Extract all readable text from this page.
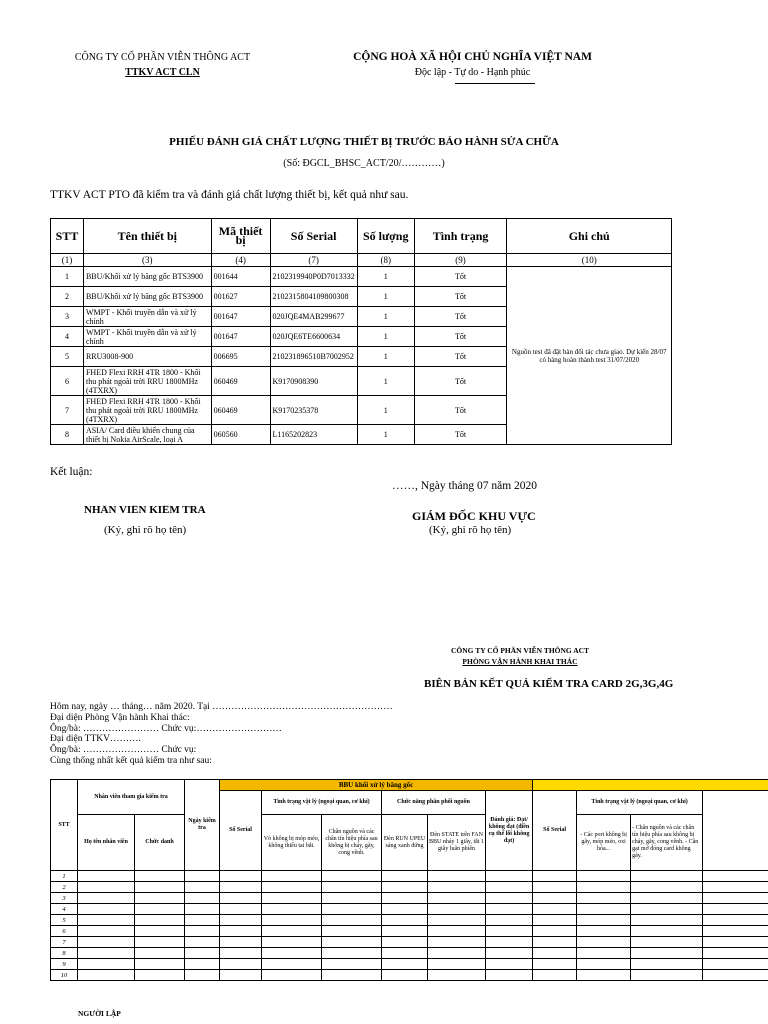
CÔNG TY CỔ PHẦN VIỄN THÔNG ACT
TTKV ACT CLN
CỘNG HOÀ XÃ HỘI CHỦ NGHĨA VIỆT NAM
Độc lập - Tự do - Hạnh phúc
PHIẾU ĐÁNH GIÁ CHẤT LƯỢNG THIẾT BỊ TRƯỚC BẢO HÀNH SỬA CHỮA
(Số: ĐGCL_BHSC_ACT/20/…………)
TTKV ACT PTO đã kiểm tra và đánh giá chất lượng thiết bị, kết quả như sau.
STT	Tên thiết bị	Mã thiết bị	Số Serial	Số lượng	Tình trạng	Ghi chú
(1)	(3)	(4)	(7)	(8)	(9)	(10)
1	BBU/Khối xử lý băng gốc BTS3900	001644	2102319940P0D7013332	1	Tốt	Nguồn test đã đặt bàn đối tác chưa giao. Dự kiến 28/07 có hàng hoàn thành test 31/07/2020
2	BBU/Khối xử lý băng gốc BTS3900	001627	2102315804109800308	1	Tốt	
3	WMPT - Khối truyền dẫn và xử lý chính	001647	020JQE4MAB299677	1	Tốt	
4	WMPT - Khối truyền dẫn và xử lý chính	001647	020JQE6TE6600634	1	Tốt	
5	RRU3008-900	006695	210231896510B7002952	1	Tốt	
6	FHED Flexi RRH 4TR 1800 - Khối thu phát ngoài trời RRU 1800MHz (4TXRX)	060469	K9170908390	1	Tốt	
7	FHED Flexi RRH 4TR 1800 - Khối thu phát ngoài trời RRU 1800MHz (4TXRX)	060469	K9170235378	1	Tốt	
8	ASIA/ Card điều khiển chung của thiết bị Nokia AirScale, loại A	060560	L1165202823	1	Tốt	
Kết luận:
……, Ngày tháng 07 năm 2020
NHÂN VIÊN KIỂM TRA
(Ký, ghi rõ họ tên)
GIÁM ĐỐC KHU VỰC
(Ký, ghi rõ họ tên)
CÔNG TY CỔ PHẦN VIỄN THÔNG ACT
PHÒNG VẬN HÀNH KHAI THÁC
BIÊN BẢN KẾT QUẢ KIỂM TRA CARD 2G,3G,4G
Hôm nay, ngày … tháng… năm 2020. Tại …………………………………………………
Đại diện Phòng Vận hành Khai thác:
Ông/bà: …………………… Chức vụ:………………………
Đại diện TTKV……….
Ông/bà: …………………… Chức vụ:
Cùng thống nhất kết quả kiểm tra như sau:
STT	Nhân viên tham gia kiểm tra		Ngày kiểm tra	BBU khối xử lý băng gốc									
				Số Serial	Tình trạng vật lý (ngoại quan, cơ khí)		Chức năng phân phối nguồn		Đánh giá: Đạt/ không đạt (điền cụ thể lỗi không đạt)	Số Serial	Tình trạng vật lý (ngoại quan, cơ khí)		
	Họ tên nhân viên	Chức danh			Vỏ không bị móp méo, không thiếu tai bắt.	Chân nguồn và các chân tín hiệu phía sau không bị cháy, gãy, cong vênh.	Đèn RUN UPEU sáng xanh đứng	Đèn STATE trên FAN BBU nháy 1 giây, tắt 1 giây luân phiên			- Các port không bị gãy, móp méo, oxi hóa...	- Chân nguồn và các chân tín hiệu phía sau không bị cháy, gãy, cong vênh. - Cần gạt mở đóng card không gãy.	
1													
2													
3													
4													
5													
6													
7													
8													
9													
10													
NGƯỜI LẬP
